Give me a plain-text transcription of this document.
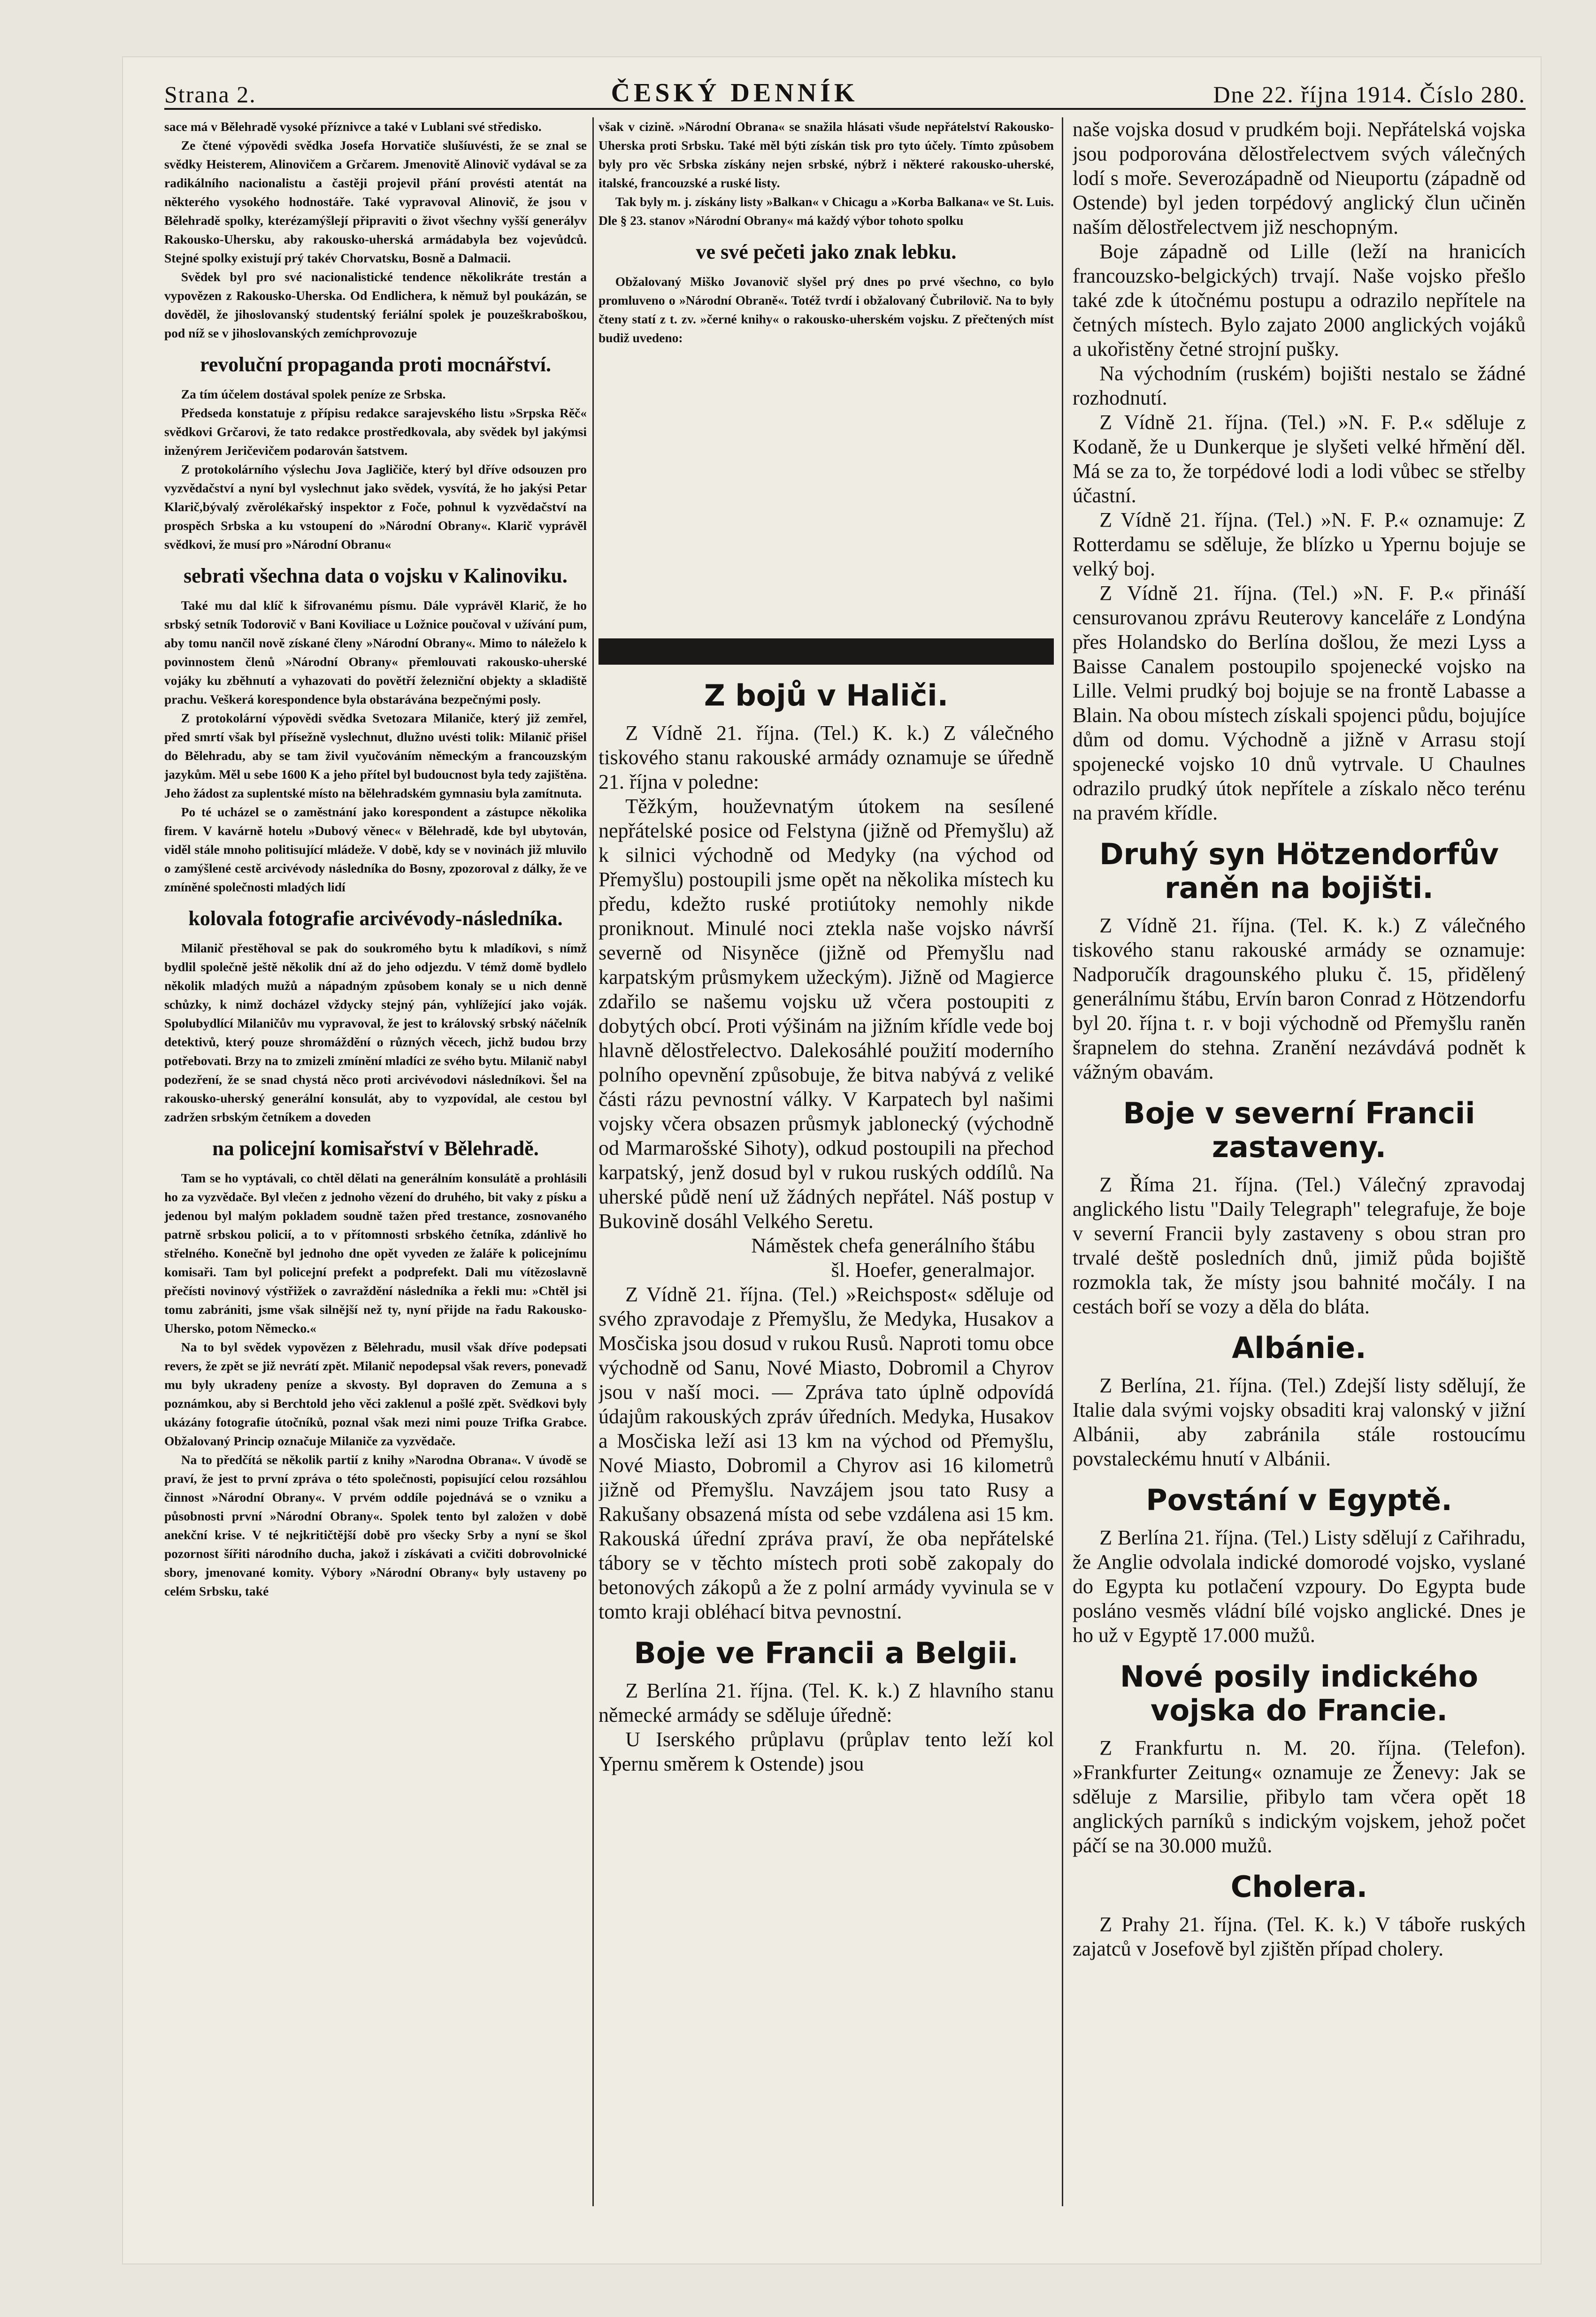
Strana 2.	ČESKÝ DENNÍK	Dne 22. října 1914. Číslo 280.

sace má v Bělehradě vysoké příznivce a také v Lublani své středisko.

Ze čtené výpovědi svědka Josefa Horvatiče slušíuvésti, že se znal se svědky Heisterem, Alinovičem a Grčarem. Jmenovitě Alinovič vydával se za radikálního nacionalistu a častěji projevil přání provésti atentát na některého vysokého hodnostáře. Také vypravoval Alinovič, že jsou v Bělehradě spolky, kterézamýšlejí připraviti o život všechny vyšší generályv Rakousko-Uhersku, aby rakousko-uherská armádabyla bez vojevůdců. Stejné spolky existují prý takév Chorvatsku, Bosně a Dalmacii.

Svědek byl pro své nacionalistické tendence několikráte trestán a vypovězen z Rakousko-Uherska. Od Endlichera, k němuž byl poukázán, se dověděl, že jihoslovanský studentský feriální spolek je pouzeškraboškou, pod níž se v jihoslovanských zemíchprovozuje

revoluční propaganda proti mocnářství.

Za tím účelem dostával spolek peníze ze Srbska.

Předseda konstatuje z přípisu redakce sarajevského listu »Srpska Rěč« svědkovi Grčarovi, že tato redakce prostředkovala, aby svědek byl jakýmsi inženýrem Jeričevičem podarován šatstvem.

Z protokolárního výslechu Jova Jagličiče, který byl dříve odsouzen pro vyzvědačství a nyní byl vyslechnut jako svědek, vysvítá, že ho jakýsi Petar Klarič,bývalý zvěrolékařský inspektor z Foče, pohnul k vyzvědačství na prospěch Srbska a ku vstoupení do »Národní Obrany«. Klarič vyprávěl svědkovi, že musí pro »Národní Obranu«

sebrati všechna data o vojsku v Kalinoviku.

Také mu dal klíč k šifrovanému písmu. Dále vyprávěl Klarič, že ho srbský setník Todorovič v Bani Koviliace u Ložnice poučoval v užívání pum, aby tomu nančil nově získané členy »Národní Obrany«. Mimo to náleželo k povinnostem členů »Národní Obrany« přemlouvati rakousko-uherské vojáky ku zběhnutí a vyhazovati do povětří železniční objekty a skladiště prachu. Veškerá korespondence byla obstarávána bezpečnými posly.

Z protokolární výpovědi svědka Svetozara Milaniče, který již zemřel, před smrtí však byl přísežně vyslechnut, dlužno uvésti tolik: Milanič přišel do Bělehradu, aby se tam živil vyučováním německým a francouzským jazykům. Měl u sebe 1600 K a jeho přítel byl budoucnost byla tedy zajištěna. Jeho žádost za suplentské místo na bělehradském gymnasiu byla zamítnuta.

Po té ucházel se o zaměstnání jako korespondent a zástupce několika firem. V kavárně hotelu »Dubový věnec« v Bělehradě, kde byl ubytován, viděl stále mnoho politisující mládeže. V době, kdy se v novinách již mluvilo o zamýšlené cestě arcivévody následníka do Bosny, zpozoroval z dálky, že ve zmíněné společnosti mladých lidí

kolovala fotografie arcivévody-následníka.

Milanič přestěhoval se pak do soukromého bytu k mladíkovi, s nímž bydlil společně ještě několik dní až do jeho odjezdu. V témž domě bydlelo několik mladých mužů a nápadným způsobem konaly se u nich denně schůzky, k nimž docházel vždycky stejný pán, vyhlížející jako voják. Spolubydlící Milaničův mu vypravoval, že jest to královský srbský náčelník detektivů, který pouze shromáždění o různých věcech, jichž budou brzy potřebovati. Brzy na to zmizeli zmínění mladíci ze svého bytu. Milanič nabyl podezření, že se snad chystá něco proti arcivévodovi následníkovi. Šel na rakousko-uherský generální konsulát, aby to vyzpovídal, ale cestou byl zadržen srbským četníkem a doveden

na policejní komisařství v Bělehradě.

Tam se ho vyptávali, co chtěl dělati na generálním konsulátě a prohlásili ho za vyzvědače. Byl vlečen z jednoho vězení do druhého, bit vaky z písku a jedenou byl malým pokladem soudně tažen před trestance, zosnovaného patrně srbskou policií, a to v přítomnosti srbského četníka, zdánlivě ho střelného. Konečně byl jednoho dne opět vyveden ze žaláře k policejnímu komisaři. Tam byl policejní prefekt a podprefekt. Dali mu vítězoslavně přečísti novinový výstřižek o zavraždění následníka a řekli mu: »Chtěl jsi tomu zabrániti, jsme však silnější než ty, nyní přijde na řadu Rakousko-Uhersko, potom Německo.«

Na to byl svědek vypovězen z Bělehradu, musil však dříve podepsati revers, že zpět se již nevrátí zpět. Milanič nepodepsal však revers, ponevadž mu byly ukradeny peníze a skvosty. Byl dopraven do Zemuna a s poznámkou, aby si Berchtold jeho věci zaklenul a pošlé zpět. Svědkovi byly ukázány fotografie útočníků, poznal však mezi nimi pouze Trifka Grabce. Obžalovaný Princip označuje Milaniče za vyzvědače.

Na to předčítá se několik partií z knihy »Narodna Obrana«. V úvodě se praví, že jest to první zpráva o této společnosti, popisující celou rozsáhlou činnost »Národní Obrany«. V prvém oddíle pojednává se o vzniku a působnosti první »Národní Obrany«. Spolek tento byl založen v době anekční krise. V té nejkritičtější době pro všecky Srby a nyní se škol pozornost šířiti národního ducha, jakož i získávati a cvičiti dobrovolnické sbory, jmenované komity. Výbory »Národní Obrany« byly ustaveny po celém Srbsku, také

však v cizině. »Národní Obrana« se snažila hlásati všude nepřátelství Rakousko-Uherska proti Srbsku. Také měl býti získán tisk pro tyto účely. Tímto způsobem byly pro věc Srbska získány nejen srbské, nýbrž i některé rakousko-uherské, italské, francouzské a ruské listy.

Tak byly m. j. získány listy »Balkan« v Chicagu a »Korba Balkana« ve St. Luis. Dle § 23. stanov »Národní Obrany« má každý výbor tohoto spolku

ve své pečeti jako znak lebku.

Obžalovaný Miško Jovanovič slyšel prý dnes po prvé všechno, co bylo promluveno o »Národní Obraně«. Totéž tvrdí i obžalovaný Čubrilovič. Na to byly čteny statí z t. zv. »černé knihy« o rakousko-uherském vojsku. Z přečtených míst budiž uvedeno:

Z bojů v Haliči.

Z Vídně 21. října. (Tel.) K. k.) Z válečného tiskového stanu rakouské armády oznamuje se úředně 21. října v poledne:

Těžkým, houževnatým útokem na sesílené nepřátelské posice od Felstyna (jižně od Přemyšlu) až k silnici východně od Medyky (na východ od Přemyšlu) postoupili jsme opět na několika místech ku předu, kdežto ruské protiútoky nemohly nikde proniknout. Minulé noci ztekla naše vojsko návrší severně od Nisyněce (jižně od Přemyšlu nad karpatským průsmykem užeckým). Jižně od Magierce zdařilo se našemu vojsku už včera postoupiti z dobytých obcí. Proti výšinám na jižním křídle vede boj hlavně dělostřelectvo. Dalekosáhlé použití moderního polního opevnění způsobuje, že bitva nabývá z veliké části rázu pevnostní války. V Karpatech byl našimi vojsky včera obsazen průsmyk jablonecký (východně od Marmarošské Sihoty), odkud postoupili na přechod karpatský, jenž dosud byl v rukou ruských oddílů. Na uherské půdě není už žádných nepřátel. Náš postup v Bukovině dosáhl Velkého Seretu.

Náměstek chefa generálního štábu

šl. Hoefer, generalmajor.

Z Vídně 21. října. (Tel.) »Reichspost« sděluje od svého zpravodaje z Přemyšlu, že Medyka, Husakov a Mosčiska jsou dosud v rukou Rusů. Naproti tomu obce východně od Sanu, Nové Miasto, Dobromil a Chyrov jsou v naší moci. — Zpráva tato úplně odpovídá údajům rakouských zpráv úředních. Medyka, Husakov a Mosčiska leží asi 13 km na východ od Přemyšlu, Nové Miasto, Dobromil a Chyrov asi 16 kilometrů jižně od Přemyšlu. Navzájem jsou tato Rusy a Rakušany obsazená místa od sebe vzdálena asi 15 km. Rakouská úřední zpráva praví, že oba nepřátelské tábory se v těchto místech proti sobě zakopaly do betonových zákopů a že z polní armády vyvinula se v tomto kraji obléhací bitva pevnostní.

Boje ve Francii a Belgii.

Z Berlína 21. října. (Tel. K. k.) Z hlavního stanu německé armády se sděluje úředně:

U Iserského průplavu (průplav tento leží kol Ypernu směrem k Ostende) jsou

naše vojska dosud v prudkém boji. Nepřátelská vojska jsou podporována dělostřelectvem svých válečných lodí s moře. Severozápadně od Nieuportu (západně od Ostende) byl jeden torpédový anglický člun učiněn naším dělostřelectvem již neschopným.

Boje západně od Lille (leží na hranicích francouzsko-belgických) trvají. Naše vojsko přešlo také zde k útočnému postupu a odrazilo nepřítele na četných místech. Bylo zajato 2000 anglických vojáků a ukořistěny četné strojní pušky.

Na východním (ruském) bojišti nestalo se žádné rozhodnutí.

Z Vídně 21. října. (Tel.) »N. F. P.« sděluje z Kodaně, že u Dunkerque je slyšeti velké hřmění děl. Má se za to, že torpédové lodi a lodi vůbec se střelby účastní.

Z Vídně 21. října. (Tel.) »N. F. P.« oznamuje: Z Rotterdamu se sděluje, že blízko u Ypernu bojuje se velký boj.

Z Vídně 21. října. (Tel.) »N. F. P.« přináší censurovanou zprávu Reuterovy kanceláře z Londýna přes Holandsko do Berlína došlou, že mezi Lyss a Baisse Canalem postoupilo spojenecké vojsko na Lille. Velmi prudký boj bojuje se na frontě Labasse a Blain. Na obou místech získali spojenci půdu, bojujíce dům od domu. Východně a jižně v Arrasu stojí spojenecké vojsko 10 dnů vytrvale. U Chaulnes odrazilo prudký útok nepřítele a získalo něco terénu na pravém křídle.

Druhý syn Hötzendorfův raněn na bojišti.

Z Vídně 21. října. (Tel. K. k.) Z válečného tiskového stanu rakouské armády se oznamuje: Nadporučík dragounského pluku č. 15, přidělený generálnímu štábu, Ervín baron Conrad z Hötzendorfu byl 20. října t. r. v boji východně od Přemyšlu raněn šrapnelem do stehna. Zranění nezávdává podnět k vážným obavám.

Boje v severní Francii zastaveny.

Z Říma 21. října. (Tel.) Válečný zpravodaj anglického listu "Daily Telegraph" telegrafuje, že boje v severní Francii byly zastaveny s obou stran pro trvalé deště posledních dnů, jimiž půda bojiště rozmokla tak, že místy jsou bahnité močály. I na cestách boří se vozy a děla do bláta.

Albánie.

Z Berlína, 21. října. (Tel.) Zdejší listy sdělují, že Italie dala svými vojsky obsaditi kraj valonský v jižní Albánii, aby zabránila stále rostoucímu povstaleckému hnutí v Albánii.

Povstání v Egyptě.

Z Berlína 21. října. (Tel.) Listy sdělují z Cařihradu, že Anglie odvolala indické domorodé vojsko, vyslané do Egypta ku potlačení vzpoury. Do Egypta bude posláno vesměs vládní bílé vojsko anglické. Dnes je ho už v Egyptě 17.000 mužů.

Nové posily indického vojska do Francie.

Z Frankfurtu n. M. 20. října. (Telefon). »Frankfurter Zeitung« oznamuje ze Ženevy: Jak se sděluje z Marsilie, přibylo tam včera opět 18 anglických parníků s indickým vojskem, jehož počet páčí se na 30.000 mužů.

Cholera.

Z Prahy 21. října. (Tel. K. k.) V táboře ruských zajatců v Josefově byl zjištěn případ cholery.
